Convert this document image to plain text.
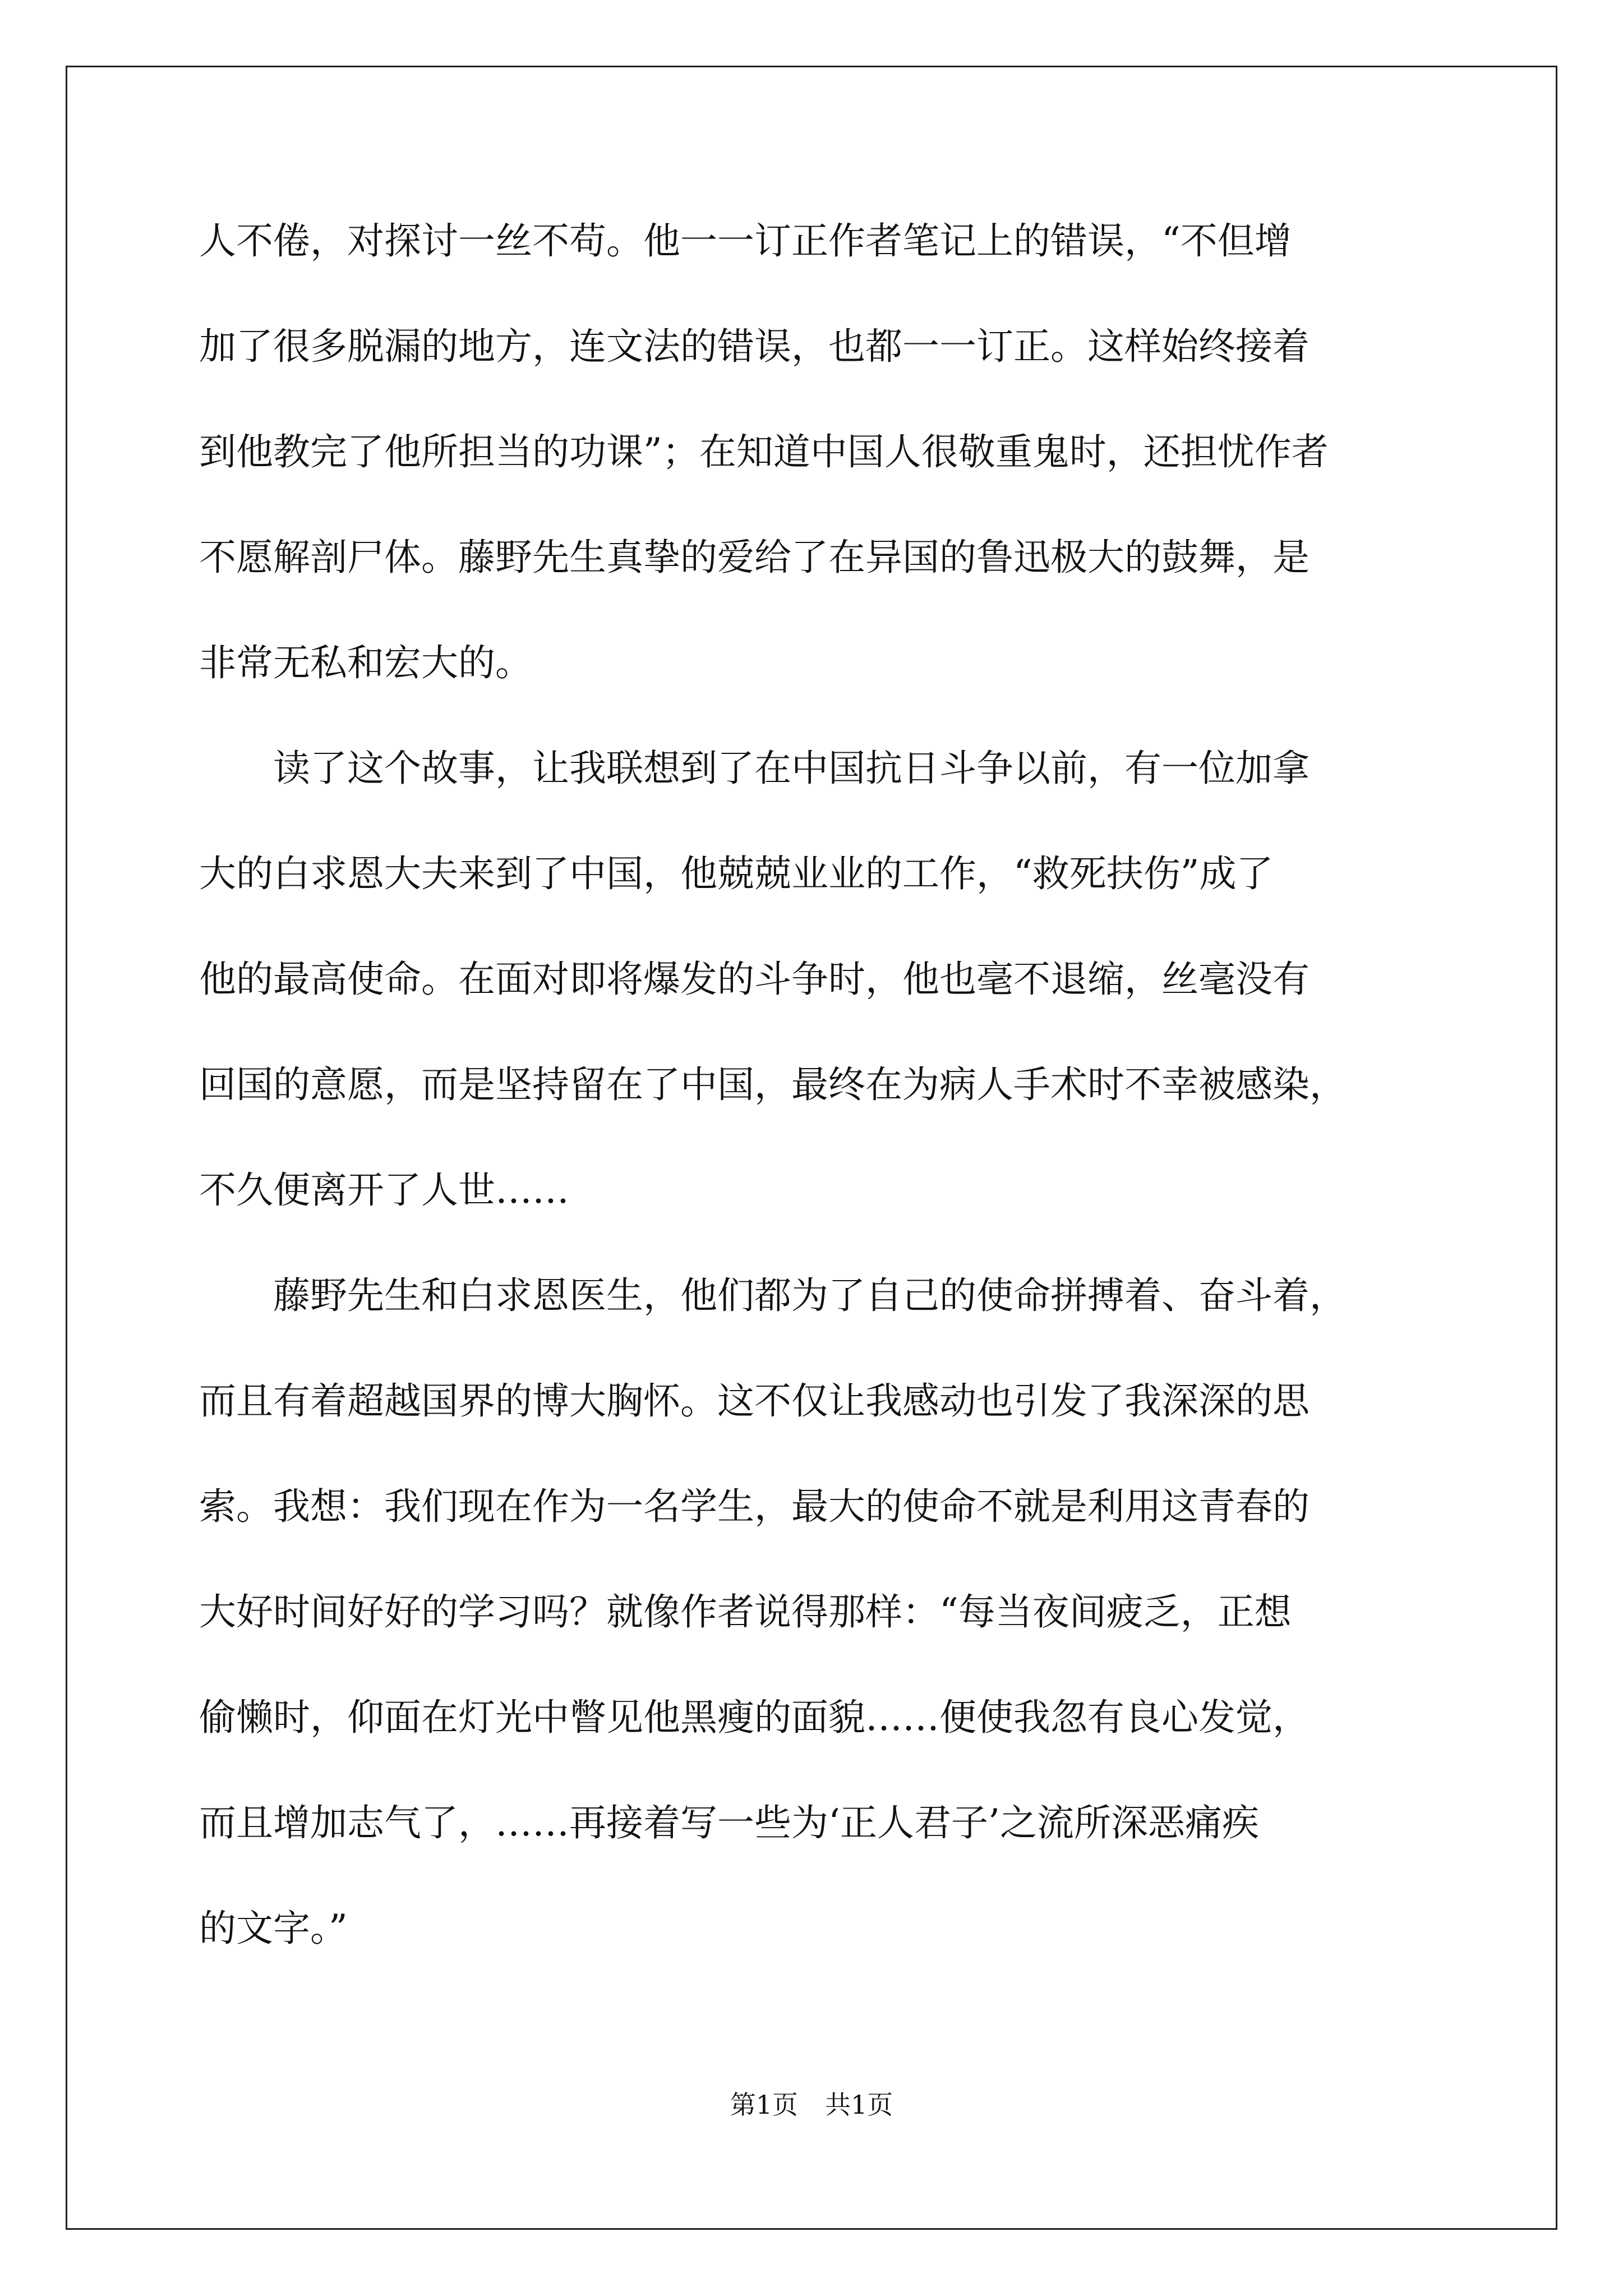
人不倦，对探讨一丝不苟。他一一订正作者笔记上的错误，“不但增
加了很多脱漏的地方，连文法的错误，也都一一订正。这样始终接着
到他教完了他所担当的功课”；在知道中国人很敬重鬼时，还担忧作者
不愿解剖尸体。藤野先生真挚的爱给了在异国的鲁迅极大的鼓舞，是
非常无私和宏大的。
　　读了这个故事，让我联想到了在中国抗日斗争以前，有一位加拿
大的白求恩大夫来到了中国，他兢兢业业的工作，“救死扶伤”成了
他的最高使命。在面对即将爆发的斗争时，他也毫不退缩，丝毫没有
回国的意愿，而是坚持留在了中国，最终在为病人手术时不幸被感染，
不久便离开了人世……
　　藤野先生和白求恩医生，他们都为了自己的使命拼搏着、奋斗着，
而且有着超越国界的博大胸怀。这不仅让我感动也引发了我深深的思
索。我想：我们现在作为一名学生，最大的使命不就是利用这青春的
大好时间好好的学习吗？就像作者说得那样：“每当夜间疲乏，正想
偷懒时，仰面在灯光中瞥见他黑瘦的面貌……便使我忽有良心发觉，
而且增加志气了，……再接着写一些为‘正人君子’之流所深恶痛疾
的文字。”
第1页 共1页
